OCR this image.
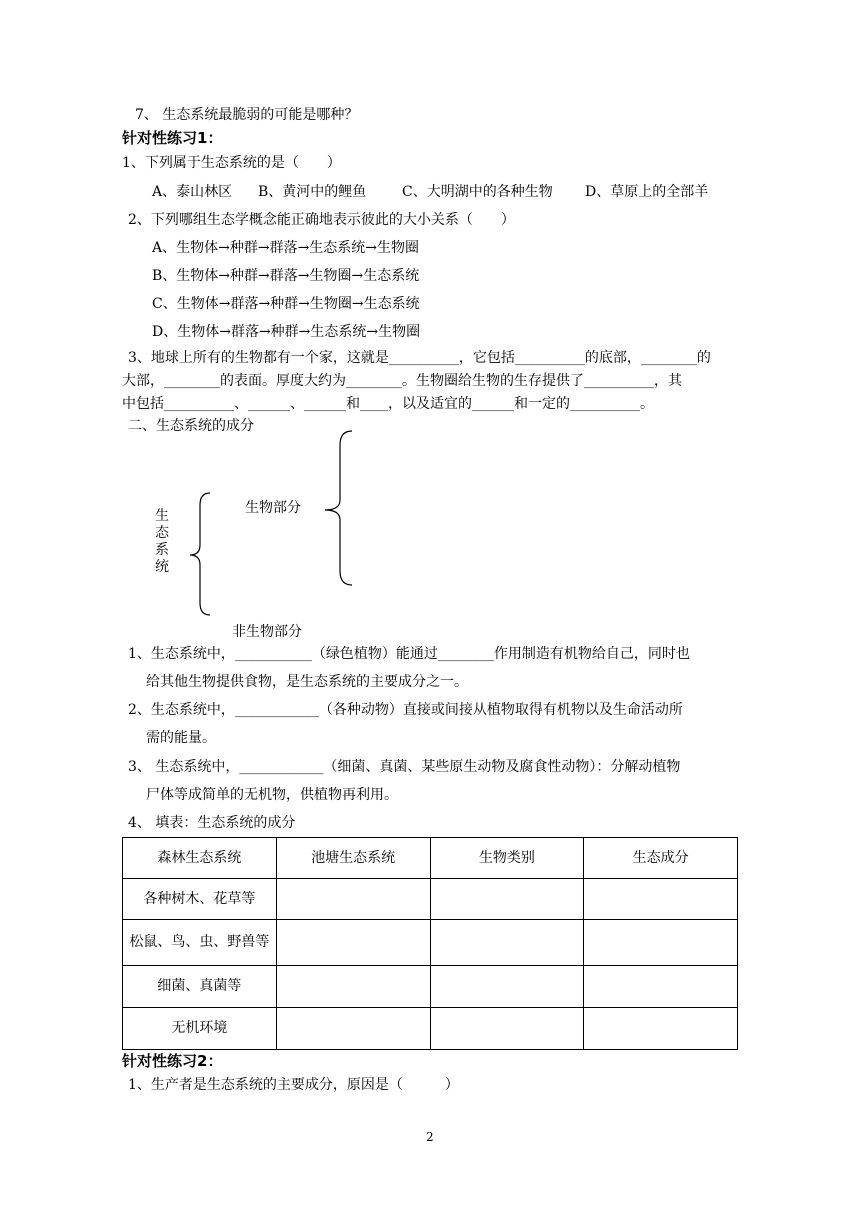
7、 生态系统最脆弱的可能是哪种？
针对性练习1：
1、下列属于生态系统的是（　　）
A、泰山林区 B、黄河中的鲤鱼	C、大明湖中的各种生物 D、草原上的全部羊
2、下列哪组生态学概念能正确地表示彼此的大小关系（　　）
A、生物体→种群→群落→生态系统→生物圈
B、生物体→种群→群落→生物圈→生态系统
C、生物体→群落→种群→生物圈→生态系统
D、生物体→群落→种群→生态系统→生物圈
3、地球上所有的生物都有一个家，这就是__________，它包括__________的底部，________的
大部，________的表面。厚度大约为________。生物圈给生物的生存提供了__________，其
中包括__________、______、______和____，以及适宜的______和一定的__________。
二、生态系统的成分
生态系统
生物部分
非生物部分
1、生态系统中，___________（绿色植物）能通过________作用制造有机物给自己，同时也
给其他生物提供食物，是生态系统的主要成分之一。
2、生态系统中，____________（各种动物）直接或间接从植物取得有机物以及生命活动所
需的能量。
3、 生态系统中，____________（细菌、真菌、某些原生动物及腐食性动物）：分解动植物
尸体等成简单的无机物，供植物再利用。
4、 填表：生态系统的成分
森林生态系统	池塘生态系统	生物类别	生态成分
各种树木、花草等			
松鼠、鸟、虫、野兽等			
细菌、真菌等			
无机环境			
针对性练习2：
1、生产者是生态系统的主要成分，原因是（　　　）
2
